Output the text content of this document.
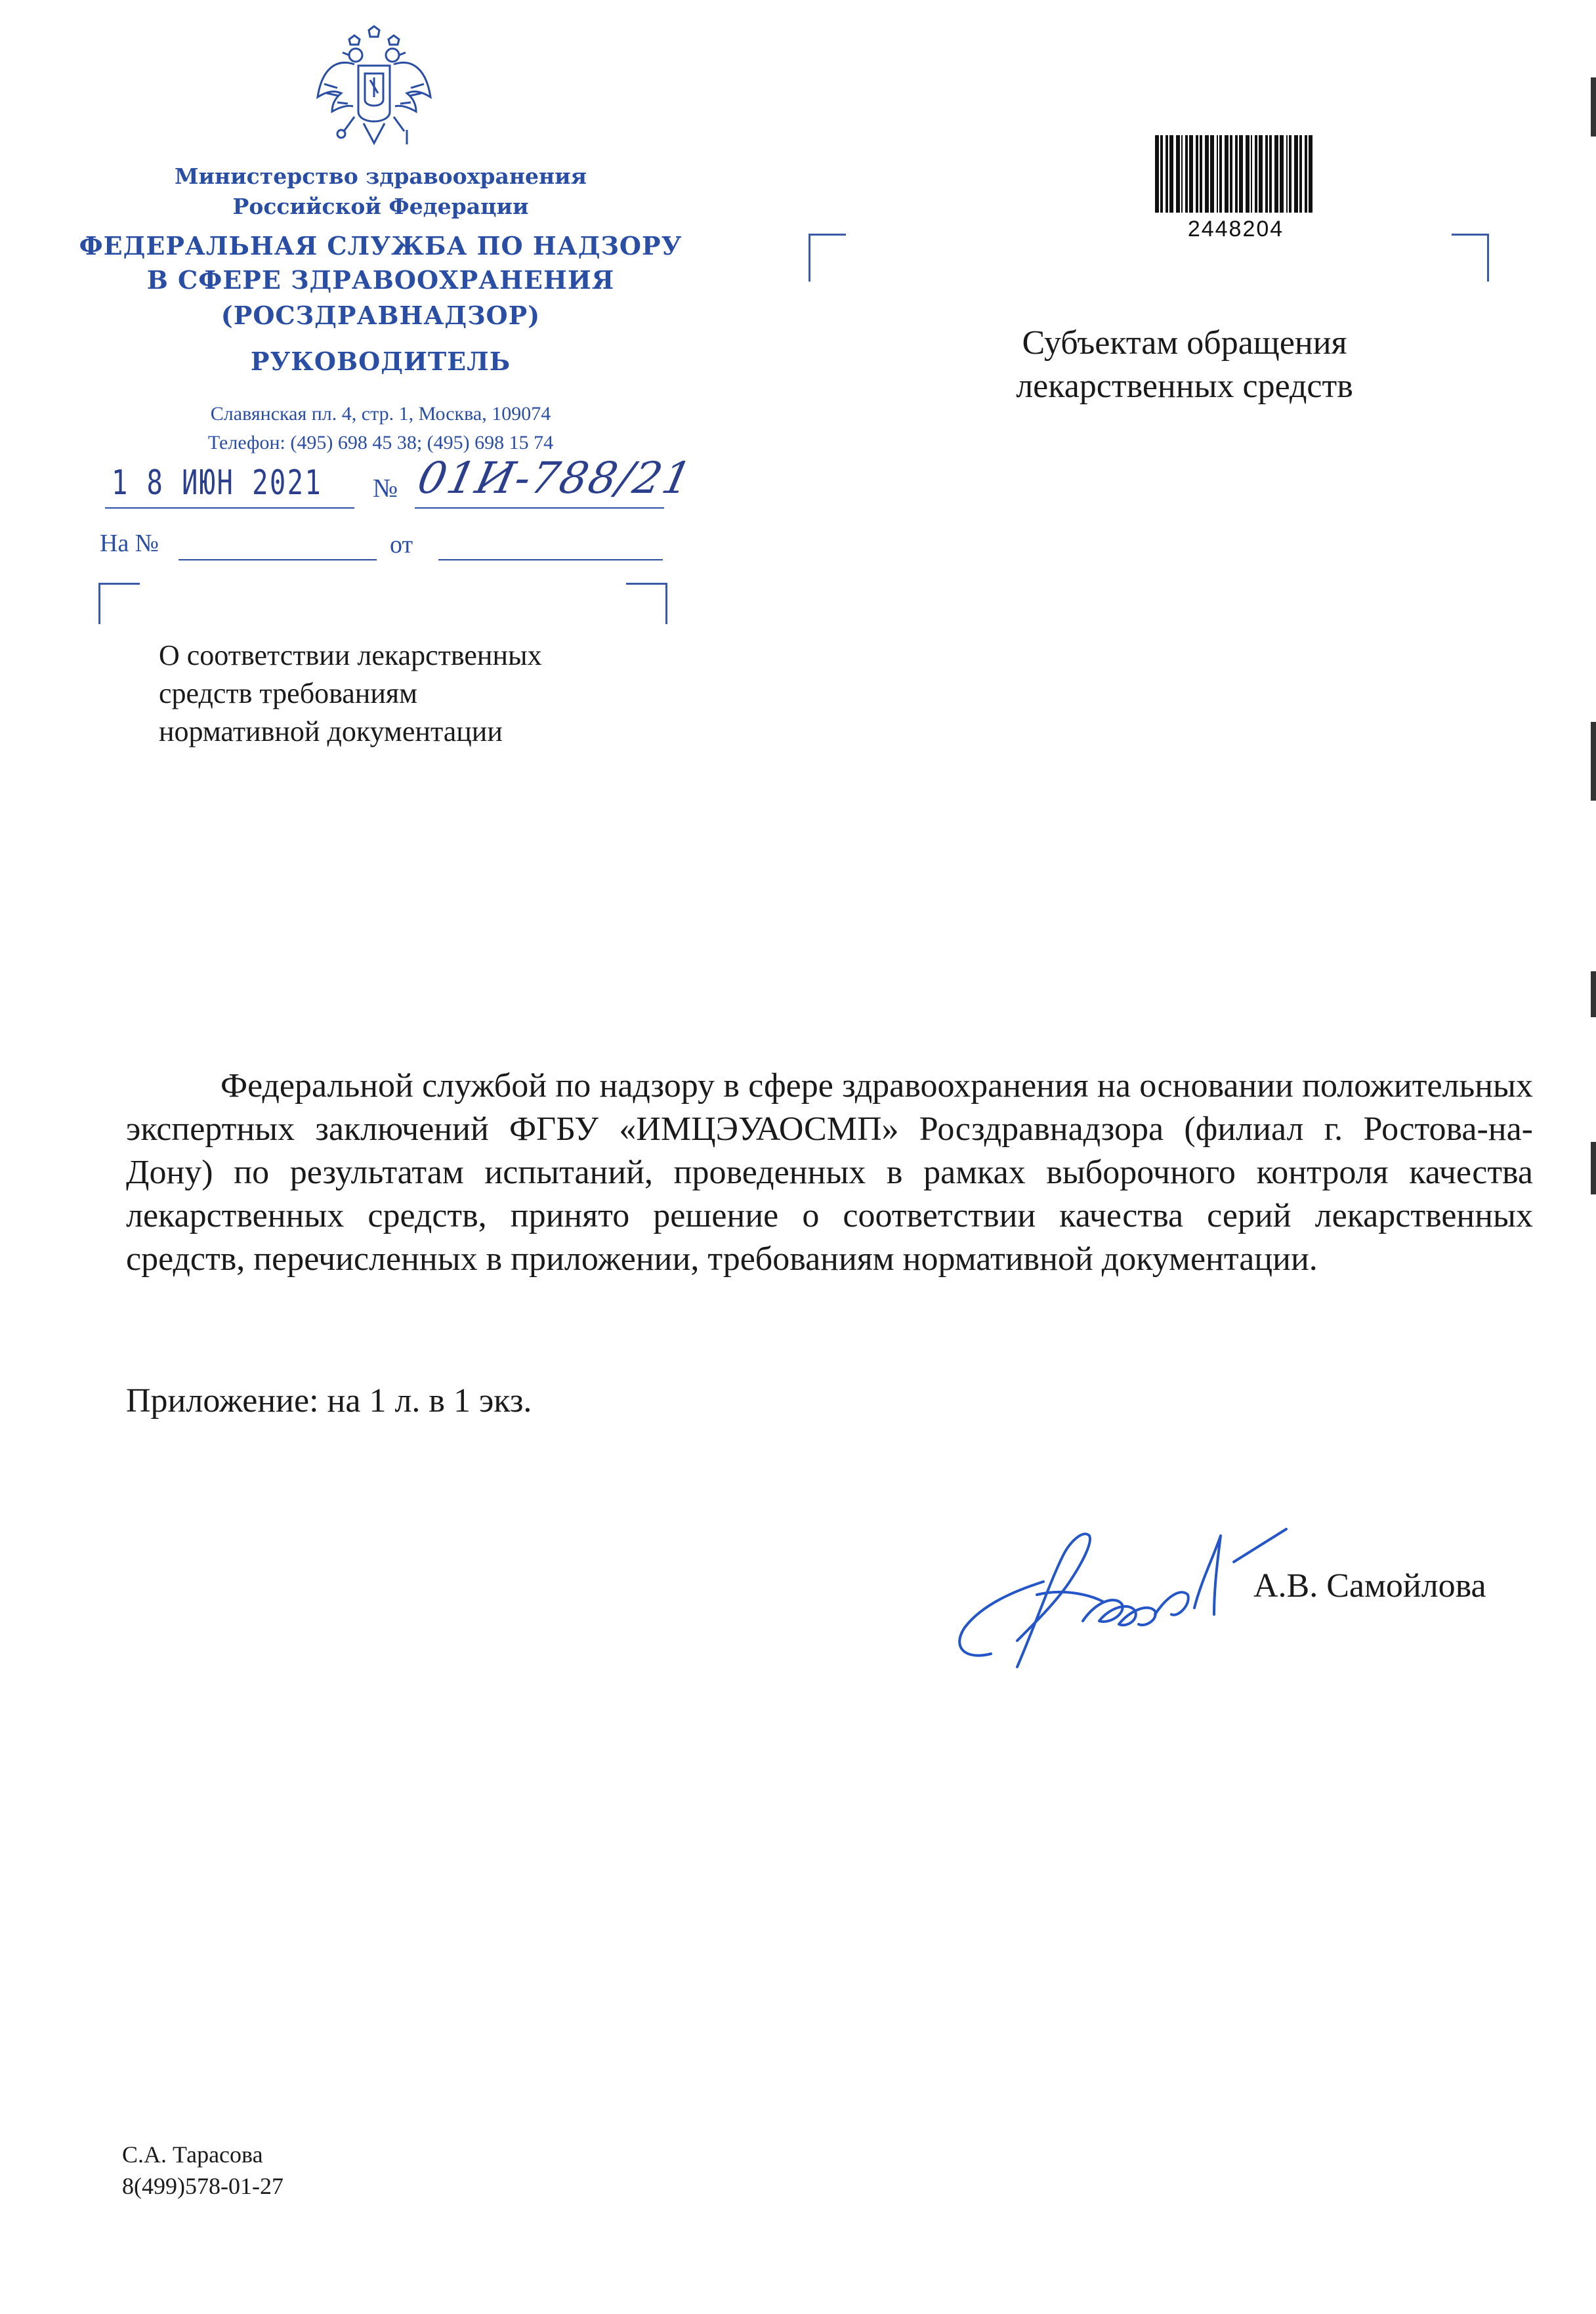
Министерство здравоохранения
Российской Федерации
ФЕДЕРАЛЬНАЯ СЛУЖБА ПО НАДЗОРУ
В СФЕРЕ ЗДРАВООХРАНЕНИЯ
(РОСЗДРАВНАДЗОР)
РУКОВОДИТЕЛЬ
Славянская пл. 4, стр. 1, Москва, 109074
Телефон: (495) 698 45 38; (495) 698 15 74
1 8 ИЮН 2021 № 01И-788/21
На №	от
О соответствии лекарственных
средств требованиям
нормативной документации
2448204
Субъектам обращения
лекарственных средств
Федеральной службой по надзору в сфере здравоохранения на основании положительных экспертных заключений ФГБУ «ИМЦЭУАОСМП» Росздравнадзора (филиал г. Ростова-на-Дону) по результатам испытаний, проведенных в рамках выборочного контроля качества лекарственных средств, принято решение о соответствии качества серий лекарственных средств, перечисленных в приложении, требованиям нормативной документации.
Приложение: на 1 л. в 1 экз.
А.В. Самойлова
С.А. Тарасова
8(499)578-01-27
